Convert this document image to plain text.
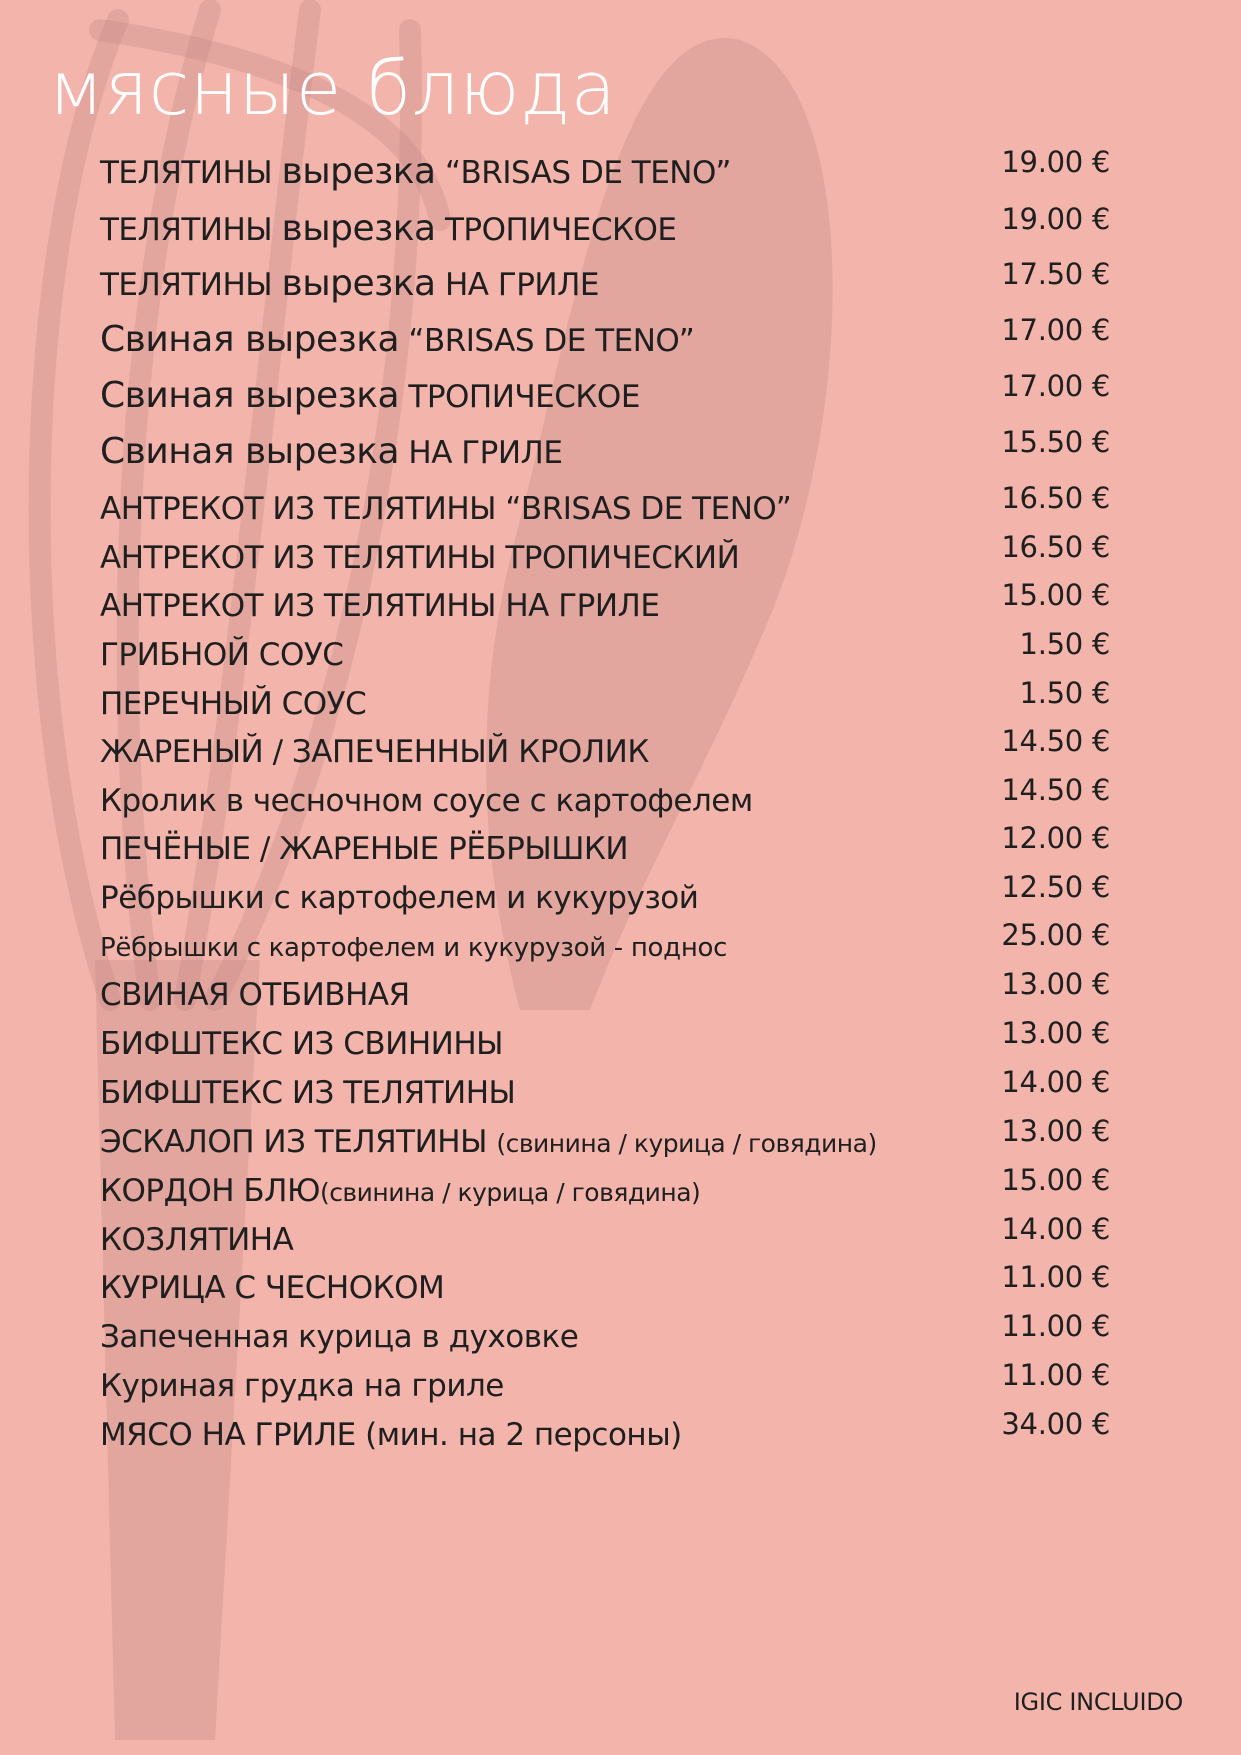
мясные блюда
ТЕЛЯТИНЫ вырезка “BRISAS DE TENO”	19.00 €
ТЕЛЯТИНЫ вырезка ТРОПИЧЕСКОЕ	19.00 €
ТЕЛЯТИНЫ вырезка НА ГРИЛЕ	17.50 €
Свиная вырезка “BRISAS DE TENO”	17.00 €
Свиная вырезка ТРОПИЧЕСКОЕ	17.00 €
Свиная вырезка НА ГРИЛЕ	15.50 €
АНТРЕКОТ ИЗ ТЕЛЯТИНЫ “BRISAS DE TENO”	16.50 €
АНТРЕКОТ ИЗ ТЕЛЯТИНЫ ТРОПИЧЕСКИЙ	16.50 €
АНТРЕКОТ ИЗ ТЕЛЯТИНЫ НА ГРИЛЕ	15.00 €
ГРИБНОЙ СОУС	1.50 €
ПЕРЕЧНЫЙ СОУС	1.50 €
ЖАРЕНЫЙ / ЗАПЕЧЕННЫЙ КРОЛИК	14.50 €
Кролик в чесночном соусе с картофелем	14.50 €
ПЕЧЁНЫЕ / ЖАРЕНЫЕ РЁБРЫШКИ	12.00 €
Рёбрышки с картофелем и кукурузой	12.50 €
Рёбрышки с картофелем и кукурузой - поднос	25.00 €
СВИНАЯ ОТБИВНАЯ	13.00 €
БИФШТЕКС ИЗ СВИНИНЫ	13.00 €
БИФШТЕКС ИЗ ТЕЛЯТИНЫ	14.00 €
ЭСКАЛОП ИЗ ТЕЛЯТИНЫ (свинина / курица / говядина)	13.00 €
КОРДОН БЛЮ(свинина / курица / говядина)	15.00 €
КОЗЛЯТИНА	14.00 €
КУРИЦА С ЧЕСНОКОМ	11.00 €
Запеченная курица в духовке	11.00 €
Куриная грудка на гриле	11.00 €
МЯСО НА ГРИЛЕ (мин. на 2 персоны)	34.00 €
IGIC INCLUIDO
